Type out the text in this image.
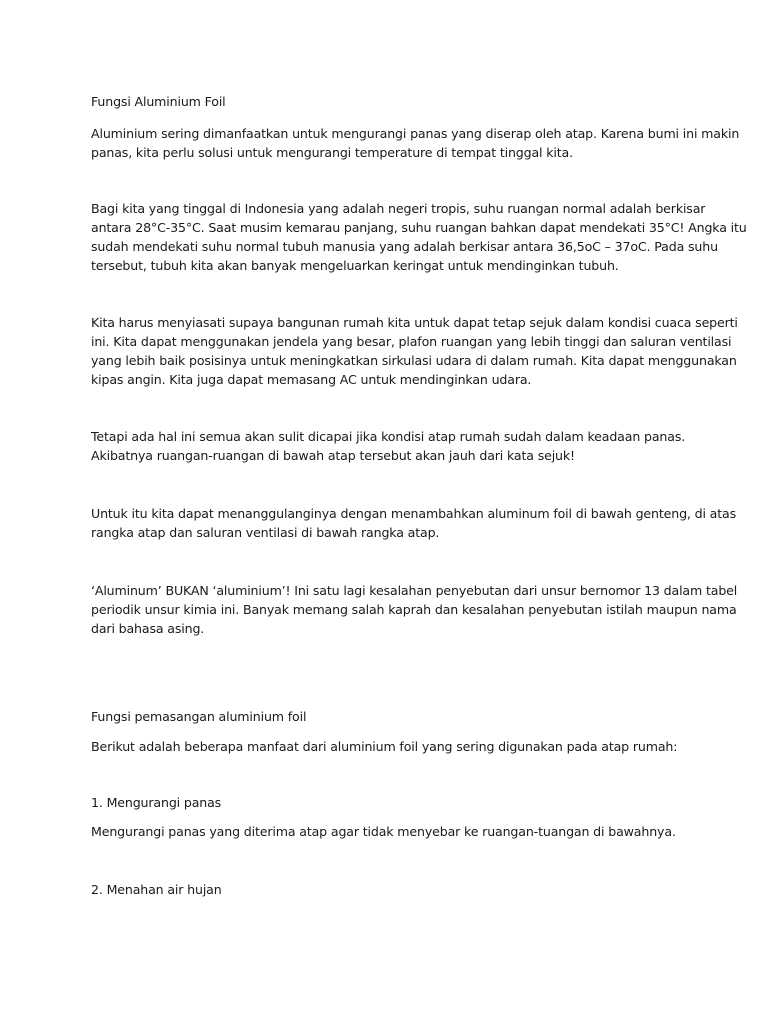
Fungsi Aluminium Foil

Aluminium sering dimanfaatkan untuk mengurangi panas yang diserap oleh atap. Karena bumi ini makin
panas, kita perlu solusi untuk mengurangi temperature di tempat tinggal kita.

Bagi kita yang tinggal di Indonesia yang adalah negeri tropis, suhu ruangan normal adalah berkisar
antara 28°C-35°C. Saat musim kemarau panjang, suhu ruangan bahkan dapat mendekati 35°C! Angka itu
sudah mendekati suhu normal tubuh manusia yang adalah berkisar antara 36,5oC – 37oC. Pada suhu
tersebut, tubuh kita akan banyak mengeluarkan keringat untuk mendinginkan tubuh.

Kita harus menyiasati supaya bangunan rumah kita untuk dapat tetap sejuk dalam kondisi cuaca seperti
ini. Kita dapat menggunakan jendela yang besar, plafon ruangan yang lebih tinggi dan saluran ventilasi
yang lebih baik posisinya untuk meningkatkan sirkulasi udara di dalam rumah. Kita dapat menggunakan
kipas angin. Kita juga dapat memasang AC untuk mendinginkan udara.

Tetapi ada hal ini semua akan sulit dicapai jika kondisi atap rumah sudah dalam keadaan panas.
Akibatnya ruangan-ruangan di bawah atap tersebut akan jauh dari kata sejuk!

Untuk itu kita dapat menanggulanginya dengan menambahkan aluminum foil di bawah genteng, di atas
rangka atap dan saluran ventilasi di bawah rangka atap.

‘Aluminum’ BUKAN ‘aluminium’! Ini satu lagi kesalahan penyebutan dari unsur bernomor 13 dalam tabel
periodik unsur kimia ini. Banyak memang salah kaprah dan kesalahan penyebutan istilah maupun nama
dari bahasa asing.

Fungsi pemasangan aluminium foil

Berikut adalah beberapa manfaat dari aluminium foil yang sering digunakan pada atap rumah:

1. Mengurangi panas

Mengurangi panas yang diterima atap agar tidak menyebar ke ruangan-tuangan di bawahnya.

2. Menahan air hujan
